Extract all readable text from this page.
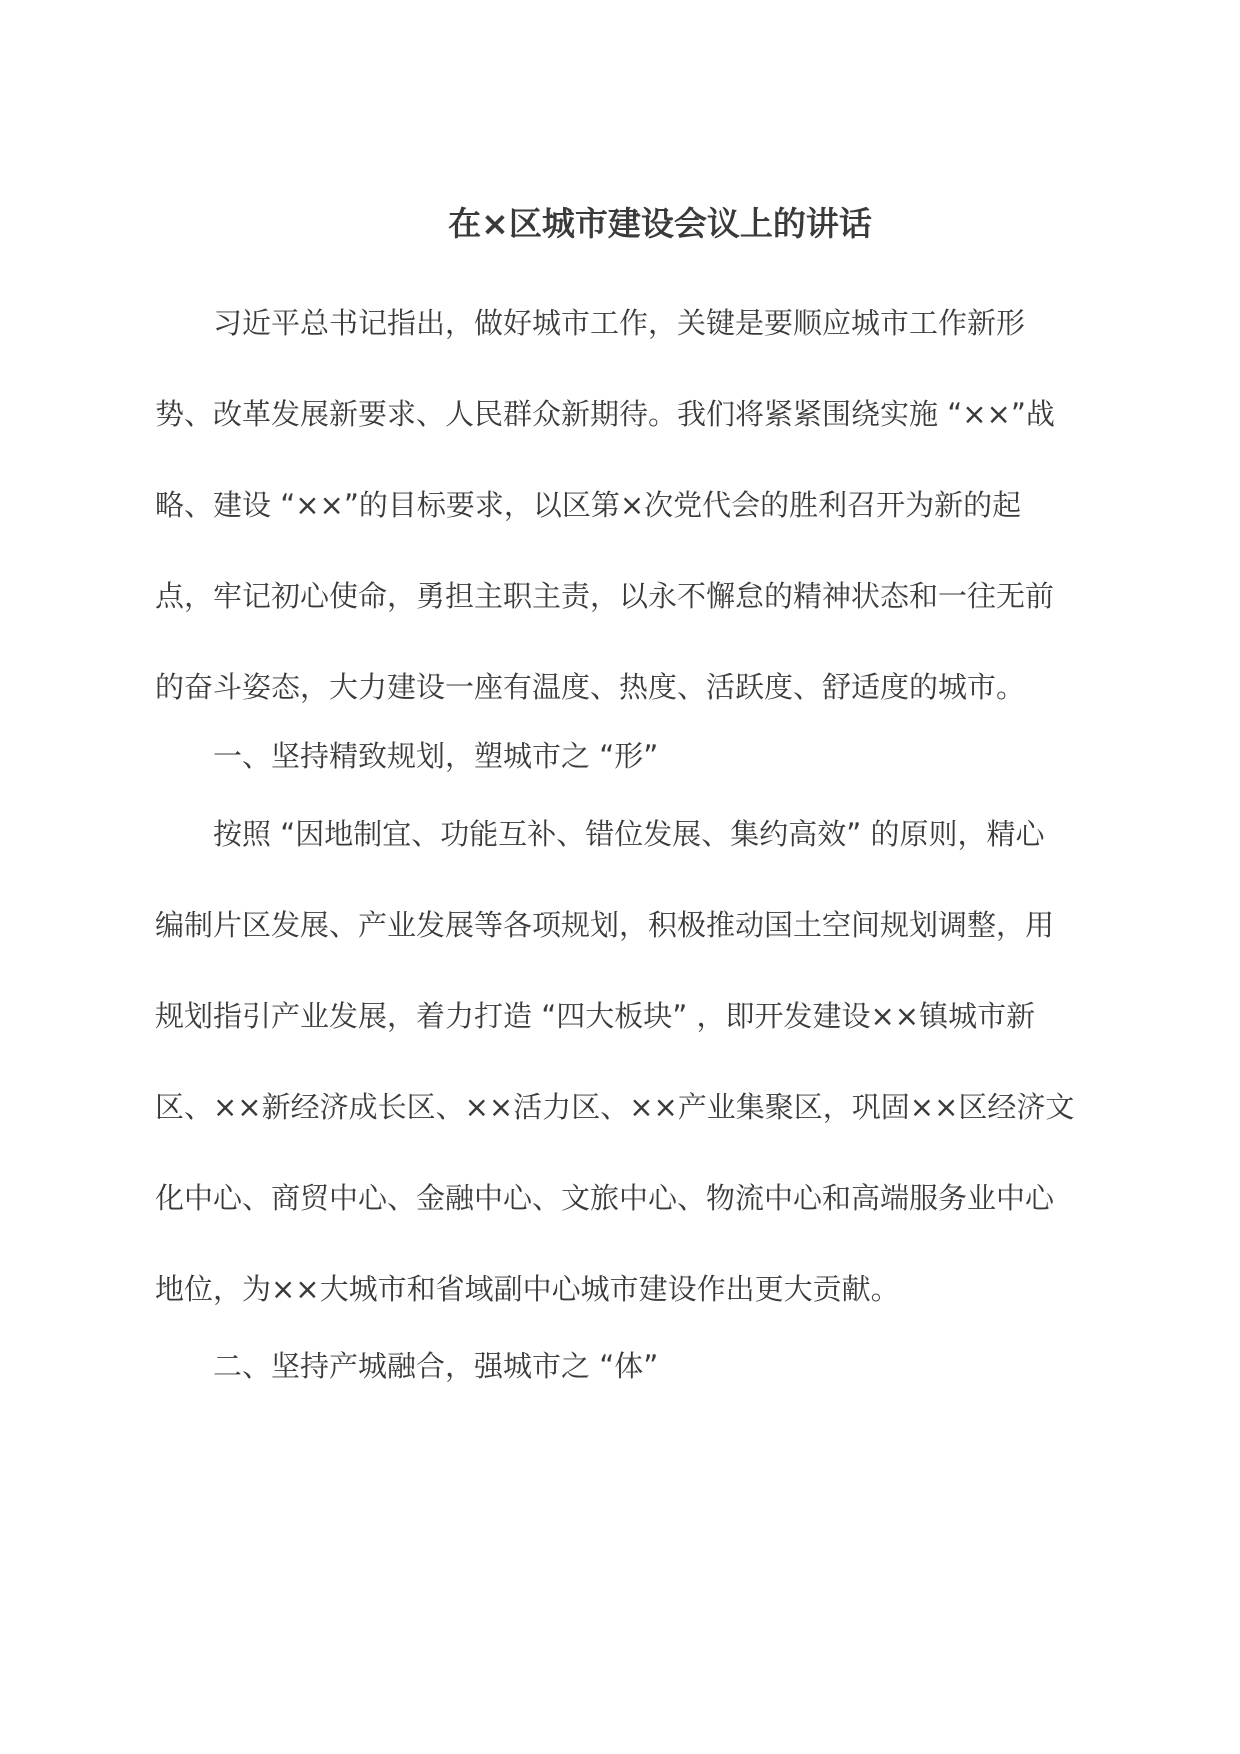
在×区城市建设会议上的讲话

习近平总书记指出，做好城市工作，关键是要顺应城市工作新形
势、改革发展新要求、人民群众新期待。我们将紧紧围绕实施 “××”战
略、建设 “××”的目标要求，以区第×次党代会的胜利召开为新的起
点，牢记初心使命，勇担主职主责，以永不懈怠的精神状态和一往无前
的奋斗姿态，大力建设一座有温度、热度、活跃度、舒适度的城市。

一、坚持精致规划，塑城市之 “形”

按照 “因地制宜、功能互补、错位发展、集约高效” 的原则，精心
编制片区发展、产业发展等各项规划，积极推动国土空间规划调整，用
规划指引产业发展，着力打造 “四大板块” ，即开发建设××镇城市新
区、××新经济成长区、××活力区、××产业集聚区，巩固××区经济文
化中心、商贸中心、金融中心、文旅中心、物流中心和高端服务业中心
地位，为××大城市和省域副中心城市建设作出更大贡献。

二、坚持产城融合，强城市之 “体”
